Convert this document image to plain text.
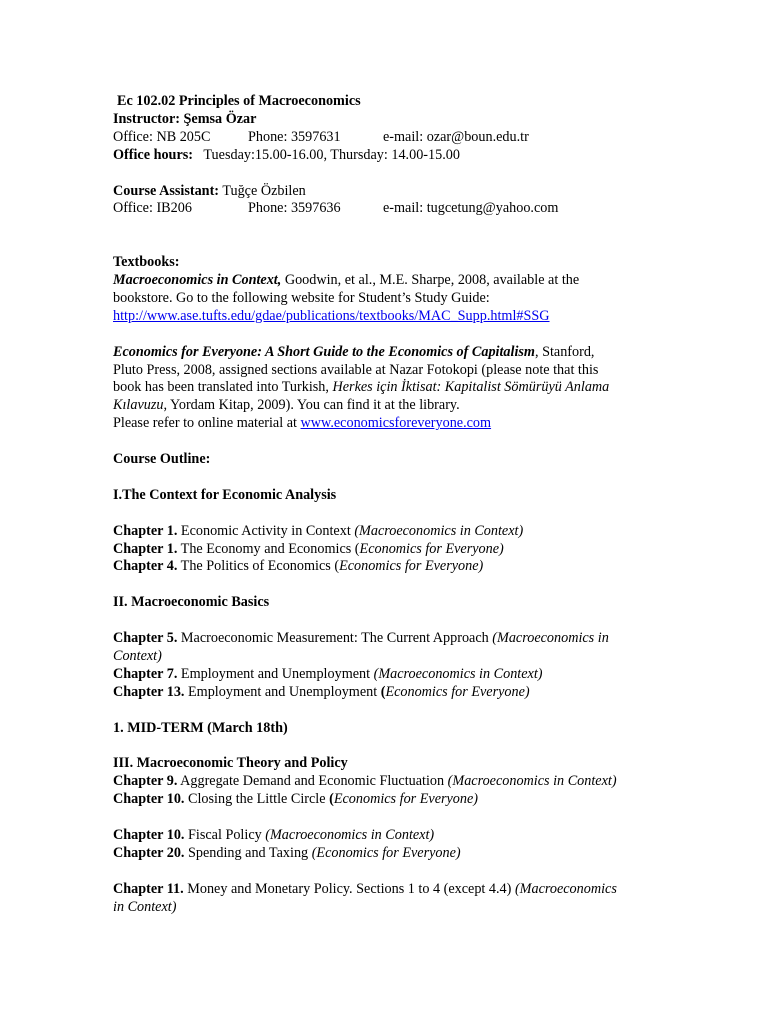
Ec 102.02 Principles of Macroeconomics
Instructor: Şemsa Özar
Office: NB 205C	Phone: 3597631	e-mail: ozar@boun.edu.tr
Office hours: Tuesday:15.00-16.00, Thursday: 14.00-15.00
Course Assistant: Tuğçe Özbilen
Office: IB206	Phone: 3597636	e-mail: tugcetung@yahoo.com
Textbooks:
Macroeconomics in Context, Goodwin, et al., M.E. Sharpe, 2008, available at the
bookstore. Go to the following website for Student’s Study Guide:
http://www.ase.tufts.edu/gdae/publications/textbooks/MAC_Supp.html#SSG
Economics for Everyone: A Short Guide to the Economics of Capitalism, Stanford,
Pluto Press, 2008, assigned sections available at Nazar Fotokopi (please note that this
book has been translated into Turkish, Herkes için İktisat: Kapitalist Sömürüyü Anlama
Kılavuzu, Yordam Kitap, 2009). You can find it at the library.
Please refer to online material at www.economicsforeveryone.com
Course Outline:
I.The Context for Economic Analysis
Chapter 1. Economic Activity in Context (Macroeconomics in Context)
Chapter 1. The Economy and Economics (Economics for Everyone)
Chapter 4. The Politics of Economics (Economics for Everyone)
II. Macroeconomic Basics
Chapter 5. Macroeconomic Measurement: The Current Approach (Macroeconomics in
Context)
Chapter 7. Employment and Unemployment (Macroeconomics in Context)
Chapter 13. Employment and Unemployment (Economics for Everyone)
1. MID-TERM (March 18th)
III. Macroeconomic Theory and Policy
Chapter 9. Aggregate Demand and Economic Fluctuation (Macroeconomics in Context)
Chapter 10. Closing the Little Circle (Economics for Everyone)
Chapter 10. Fiscal Policy (Macroeconomics in Context)
Chapter 20. Spending and Taxing (Economics for Everyone)
Chapter 11. Money and Monetary Policy. Sections 1 to 4 (except 4.4) (Macroeconomics
in Context)
